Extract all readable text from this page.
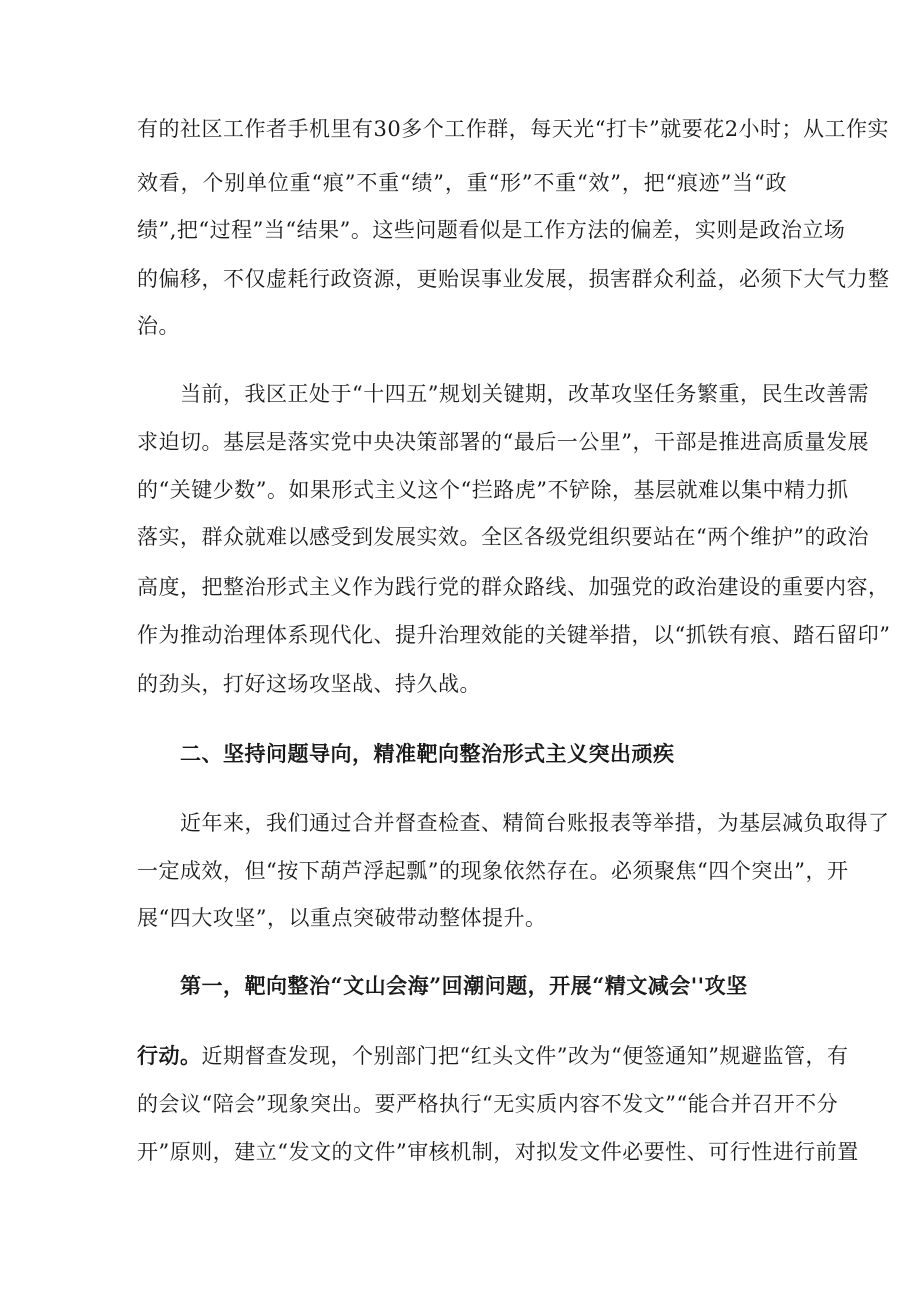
有的社区工作者手机里有30多个工作群，每天光“打卡”就要花2小时；从工作实
效看，个别单位重“痕”不重“绩”，重“形”不重“效”，把“痕迹”当“政
绩”,把“过程”当“结果”。这些问题看似是工作方法的偏差，实则是政治立场
的偏移，不仅虚耗行政资源，更贻误事业发展，损害群众利益，必须下大气力整
治。
当前，我区正处于“十四五”规划关键期，改革攻坚任务繁重，民生改善需
求迫切。基层是落实党中央决策部署的“最后一公里”，干部是推进高质量发展
的“关键少数”。如果形式主义这个“拦路虎”不铲除，基层就难以集中精力抓
落实，群众就难以感受到发展实效。全区各级党组织要站在“两个维护”的政治
高度，把整治形式主义作为践行党的群众路线、加强党的政治建设的重要内容，
作为推动治理体系现代化、提升治理效能的关键举措，以“抓铁有痕、踏石留印”
的劲头，打好这场攻坚战、持久战。
二、坚持问题导向，精准靶向整治形式主义突出顽疾
近年来，我们通过合并督查检查、精简台账报表等举措，为基层减负取得了
一定成效，但“按下葫芦浮起瓢”的现象依然存在。必须聚焦“四个突出”，开
展“四大攻坚”，以重点突破带动整体提升。
第一，靶向整治“文山会海”回潮问题，开展“精文减会''攻坚
行动。近期督查发现，个别部门把“红头文件”改为“便签通知”规避监管，有
的会议“陪会”现象突出。要严格执行“无实质内容不发文”“能合并召开不分
开”原则，建立“发文的文件”审核机制，对拟发文件必要性、可行性进行前置
